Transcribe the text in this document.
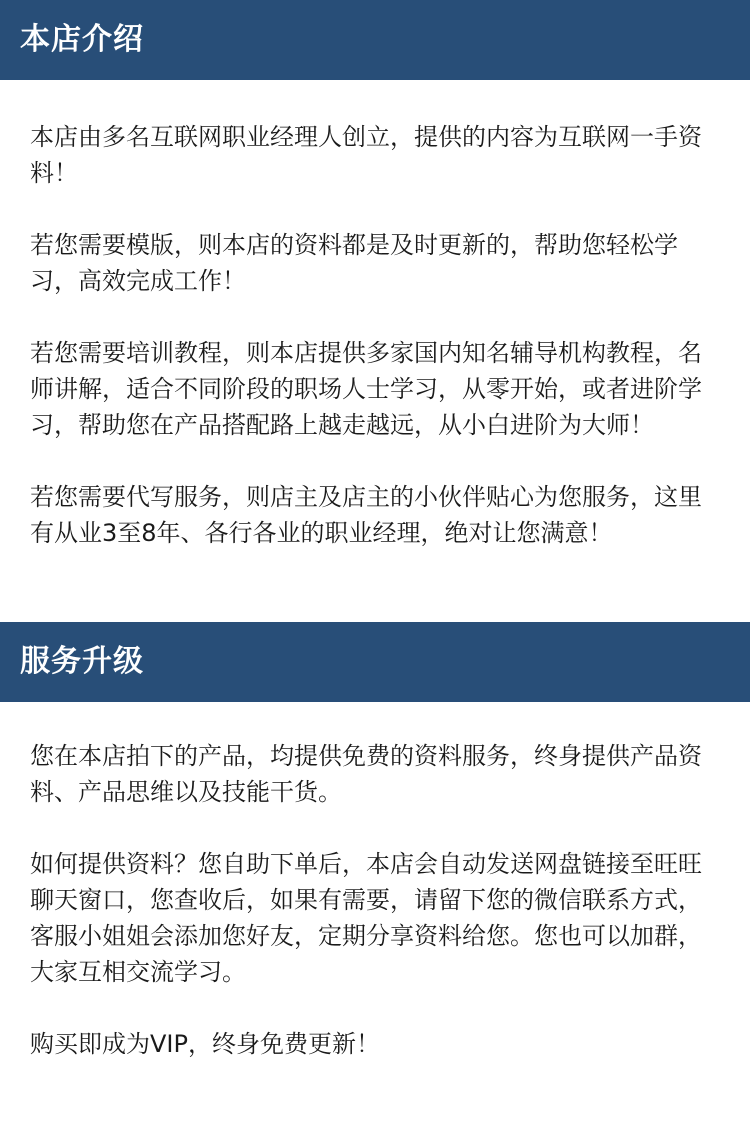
本店介绍

本店由多名互联网职业经理人创立，提供的内容为互联网一手资料！

若您需要模版，则本店的资料都是及时更新的，帮助您轻松学习，高效完成工作！

若您需要培训教程，则本店提供多家国内知名辅导机构教程，名师讲解，适合不同阶段的职场人士学习，从零开始，或者进阶学习，帮助您在产品搭配路上越走越远，从小白进阶为大师！

若您需要代写服务，则店主及店主的小伙伴贴心为您服务，这里有从业3至8年、各行各业的职业经理，绝对让您满意！

服务升级

您在本店拍下的产品，均提供免费的资料服务，终身提供产品资料、产品思维以及技能干货。

如何提供资料？您自助下单后，本店会自动发送网盘链接至旺旺聊天窗口，您查收后，如果有需要，请留下您的微信联系方式，客服小姐姐会添加您好友，定期分享资料给您。您也可以加群，大家互相交流学习。

购买即成为VIP，终身免费更新！
